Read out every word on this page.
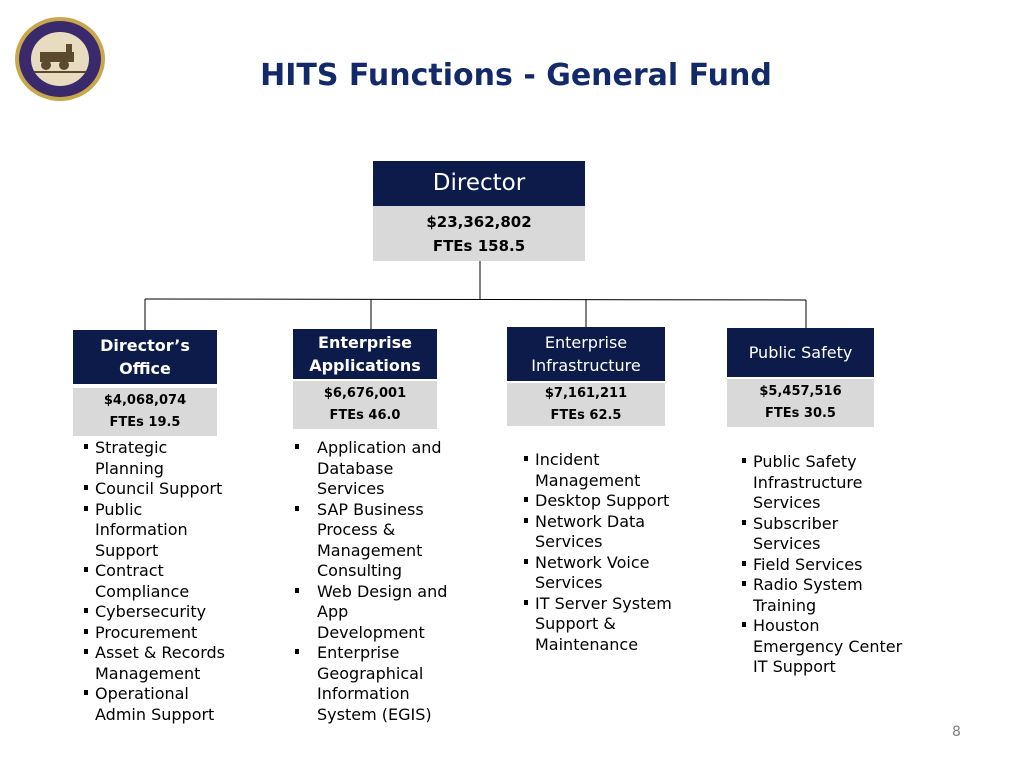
HITS Functions - General Fund
Director
$23,362,802
FTEs 158.5
Director’s
Office
$4,068,074
FTEs 19.5
Strategic Planning
Council Support
Public Information Support
Contract Compliance
Cybersecurity
Procurement
Asset & Records Management
Operational Admin Support
Enterprise
Applications
$6,676,001
FTEs 46.0
Application and Database Services
SAP Business Process & Management Consulting
Web Design and App Development
Enterprise Geographical Information System (EGIS)
Enterprise
Infrastructure
$7,161,211
FTEs 62.5
Incident Management
Desktop Support
Network Data Services
Network Voice Services
IT Server System Support & Maintenance
Public Safety
$5,457,516
FTEs 30.5
Public Safety Infrastructure Services
Subscriber Services
Field Services
Radio System Training
Houston Emergency Center IT Support
8
